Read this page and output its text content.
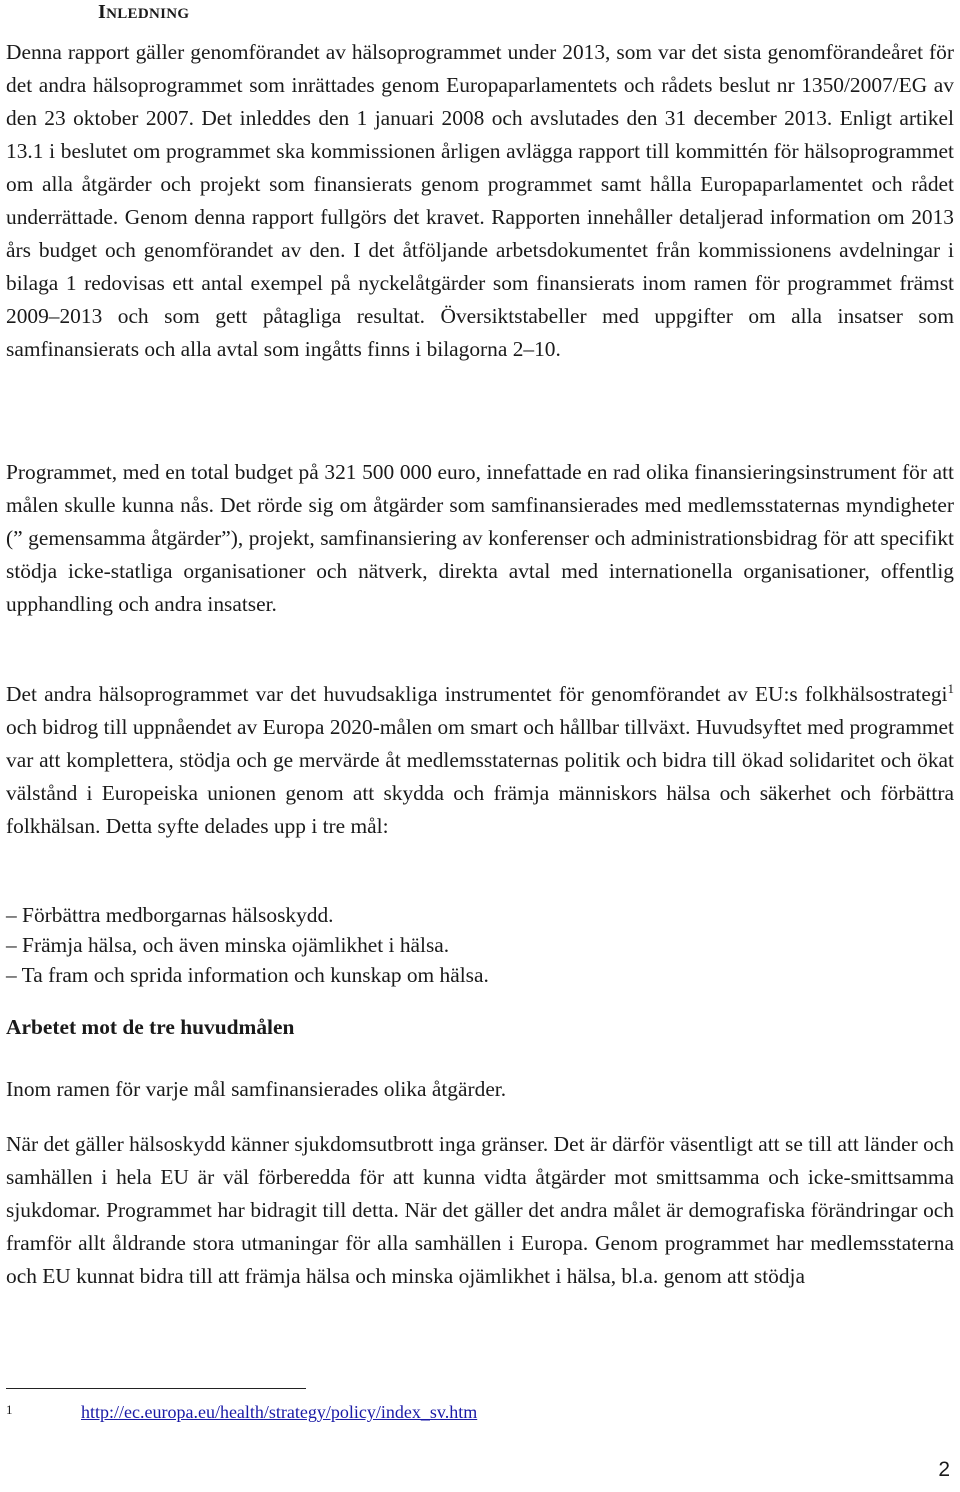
INLEDNING

Denna rapport gäller genomförandet av hälsoprogrammet under 2013, som var det sista genomförandeåret för det andra hälsoprogrammet som inrättades genom Europaparlamentets och rådets beslut nr 1350/2007/EG av den 23 oktober 2007. Det inleddes den 1 januari 2008 och avslutades den 31 december 2013. Enligt artikel 13.1 i beslutet om programmet ska kommissionen årligen avlägga rapport till kommittén för hälsoprogrammet om alla åtgärder och projekt som finansierats genom programmet samt hålla Europaparlamentet och rådet underrättade. Genom denna rapport fullgörs det kravet. Rapporten innehåller detaljerad information om 2013 års budget och genomförandet av den. I det åtföljande arbetsdokumentet från kommissionens avdelningar i bilaga 1 redovisas ett antal exempel på nyckelåtgärder som finansierats inom ramen för programmet främst 2009–2013 och som gett påtagliga resultat. Översiktstabeller med uppgifter om alla insatser som samfinansierats och alla avtal som ingåtts finns i bilagorna 2–10.

Programmet, med en total budget på 321 500 000 euro, innefattade en rad olika finansieringsinstrument för att målen skulle kunna nås. Det rörde sig om åtgärder som samfinansierades med medlemsstaternas myndigheter (” gemensamma åtgärder”), projekt, samfinansiering av konferenser och administrationsbidrag för att specifikt stödja icke-statliga organisationer och nätverk, direkta avtal med internationella organisationer, offentlig upphandling och andra insatser.

Det andra hälsoprogrammet var det huvudsakliga instrumentet för genomförandet av EU:s folkhälsostrategi$^1$ och bidrog till uppnåendet av Europa 2020-målen om smart och hållbar tillväxt. Huvudsyftet med programmet var att komplettera, stödja och ge mervärde åt medlemsstaternas politik och bidra till ökad solidaritet och ökat välstånd i Europeiska unionen genom att skydda och främja människors hälsa och säkerhet och förbättra folkhälsan. Detta syfte delades upp i tre mål:

– Förbättra medborgarnas hälsoskydd.
– Främja hälsa, och även minska ojämlikhet i hälsa.
– Ta fram och sprida information och kunskap om hälsa.
Arbetet mot de tre huvudmålen

Inom ramen för varje mål samfinansierades olika åtgärder.

När det gäller hälsoskydd känner sjukdomsutbrott inga gränser. Det är därför väsentligt att se till att länder och samhällen i hela EU är väl förberedda för att kunna vidta åtgärder mot smittsamma och icke-smittsamma sjukdomar. Programmet har bidragit till detta. När det gäller det andra målet är demografiska förändringar och framför allt åldrande stora utmaningar för alla samhällen i Europa. Genom programmet har medlemsstaterna och EU kunnat bidra till att främja hälsa och minska ojämlikhet i hälsa, bl.a. genom att stödja

1	http://ec.europa.eu/health/strategy/policy/index_sv.htm
2
